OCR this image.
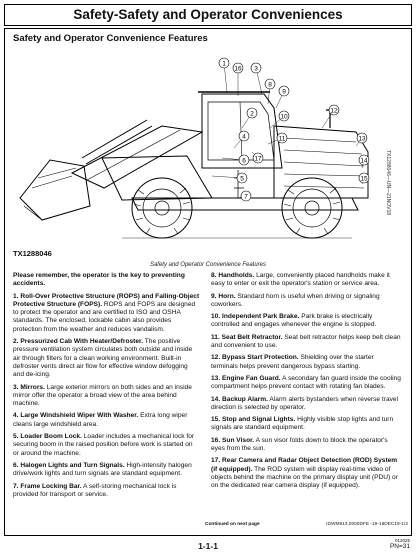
Safety-Safety and Operator Conveniences
Safety and Operator Convenience Features
1
2
3
4
5
6
7
8
9
10
11
12
13
14
15
16
17	TX1288046—UN—21NOV18
TX1288046
Safety and Operator Convenience Features

Please remember, the operator is the key to preventing accidents.

1. Roll-Over Protective Structure (ROPS) and Falling-Object Protective Structure (FOPS). ROPS and FOPS are designed to protect the operator and are certified to ISO and OSHA standards. The enclosed, lockable cabin also provides protection from the weather and reduces vandalism.

2. Pressurized Cab With Heater/Defroster. The positive pressure ventilation system circulates both outside and inside air through filters for a clean working environment. Built-in defroster vents direct air flow for effective window defogging and de-icing.

3. Mirrors. Large exterior mirrors on both sides and an inside mirror offer the operator a broad view of the area behind machine.

4. Large Windshield Wiper With Washer. Extra long wiper cleans large windshield area.

5. Loader Boom Lock. Loader includes a mechanical lock for securing boom in the raised position before work is started on or around the machine.

6. Halogen Lights and Turn Signals. High-intensity halogen drive/work lights and turn signals are standard equipment.

7. Frame Locking Bar. A self-storing mechanical lock is provided for transport or service.

8. Handholds. Large, conveniently placed handholds make it easy to enter or exit the operator's station or service area.

9. Horn. Standard horn is useful when driving or signaling coworkers.

10. Independent Park Brake. Park brake is electrically controlled and engages whenever the engine is stopped.

11. Seat Belt Retractor. Seat belt retractor helps keep belt clean and convenient to use.

12. Bypass Start Protection. Shielding over the starter terminals helps prevent dangerous bypass starting.

13. Engine Fan Guard. A secondary fan guard inside the cooling compartment helps prevent contact with rotating fan blades.

14. Backup Alarm. Alarm alerts bystanders when reverse travel direction is selected by operator.

15. Stop and Signal Lights. Highly visible stop lights and turn signals are standard equipment.

16. Sun Visor. A sun visor folds down to block the operator's eyes from the sun.

17. Rear Camera and Radar Object Detection (ROD) System (if equipped). The ROD system will display real-time video of objects behind the machine on the primary display unit (PDU) or on the dedicated rear camera display (if equipped).

Continued on next page	IDWM913,0000DFE -19-18DEC19-1/2
1-1-1
012025
PN=31
